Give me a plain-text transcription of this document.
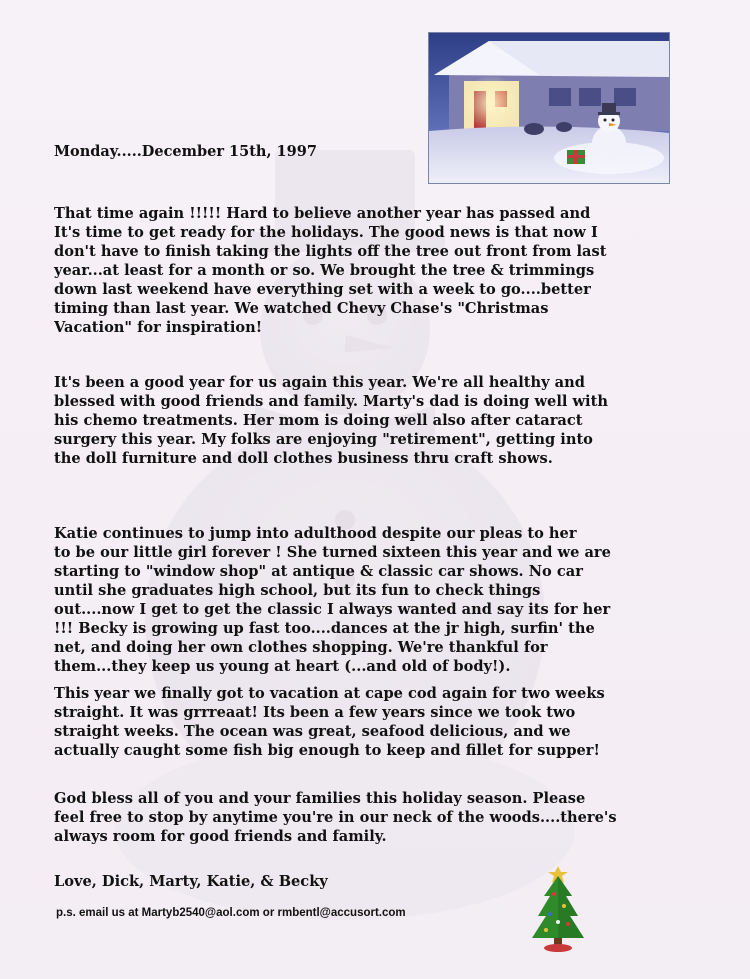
Monday.....December 15th, 1997

That time again !!!!! Hard to believe another year has passed and
It's time to get ready for the holidays. The good news is that now I
don't have to finish taking the lights off the tree out front from last
year...at least for a month or so. We brought the tree & trimmings
down last weekend have everything set with a week to go....better
timing than last year. We watched Chevy Chase's "Christmas
Vacation" for inspiration!

It's been a good year for us again this year. We're all healthy and
blessed with good friends and family. Marty's dad is doing well with
his chemo treatments. Her mom is doing well also after cataract
surgery this year. My folks are enjoying "retirement", getting into
the doll furniture and doll clothes business thru craft shows.

Katie continues to jump into adulthood despite our pleas to her
to be our little girl forever ! She turned sixteen this year and we are
starting to "window shop" at antique & classic car shows. No car
until she graduates high school, but its fun to check things
out....now I get to get the classic I always wanted and say its for her
!!! Becky is growing up fast too....dances at the jr high, surfin' the
net, and doing her own clothes shopping. We're thankful for
them...they keep us young at heart (...and old of body!).

This year we finally got to vacation at cape cod again for two weeks
straight. It was grrreaat! Its been a few years since we took two
straight weeks. The ocean was great, seafood delicious, and we
actually caught some fish big enough to keep and fillet for supper!

God bless all of you and your families this holiday season. Please
feel free to stop by anytime you're in our neck of the woods....there's
always room for good friends and family.

Love, Dick, Marty, Katie, & Becky
p.s. email us at Martyb2540@aol.com or rmbentl@accusort.com
